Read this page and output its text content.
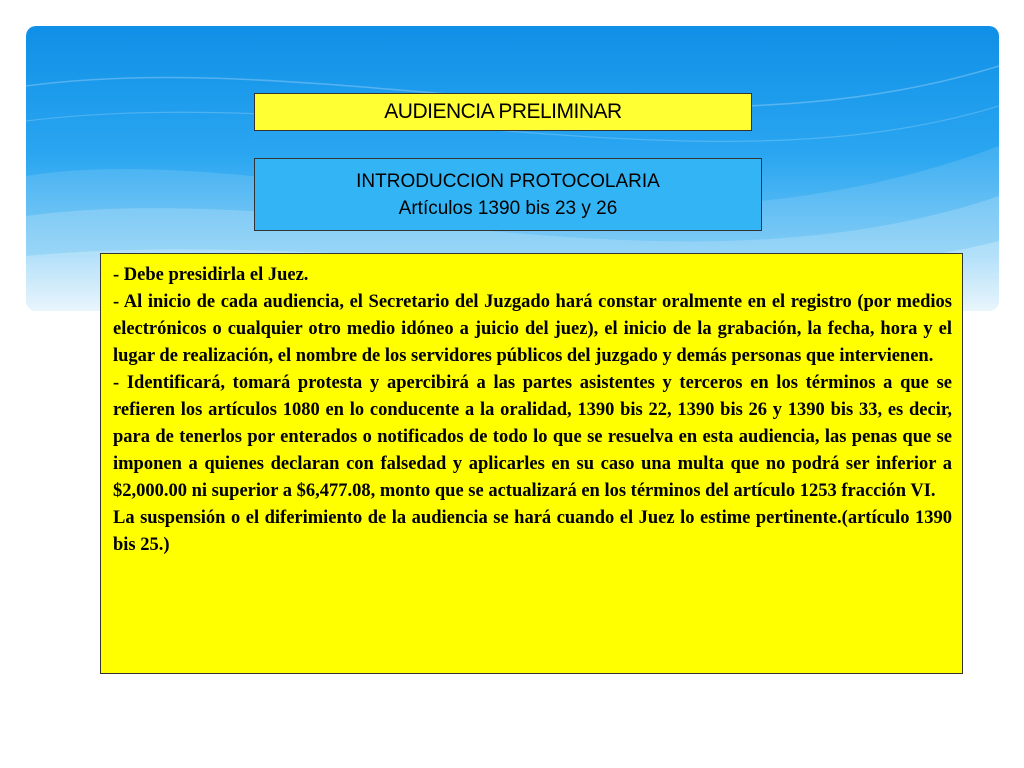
AUDIENCIA PRELIMINAR
INTRODUCCION PROTOCOLARIA
Artículos 1390 bis 23 y 26

- Debe presidirla el Juez.

- Al inicio de cada audiencia, el Secretario del Juzgado hará constar oralmente en el registro (por medios electrónicos o cualquier otro medio idóneo a juicio del juez), el inicio de la grabación, la fecha, hora y el lugar de realización, el nombre de los servidores públicos del juzgado y demás personas que intervienen.

- Identificará, tomará protesta y apercibirá a las partes asistentes y terceros en los términos a que se refieren los artículos 1080 en lo conducente a la oralidad, 1390 bis 22, 1390 bis 26 y 1390 bis 33, es decir, para de tenerlos por enterados o notificados de todo lo que se resuelva en esta audiencia, las penas que se imponen a quienes declaran con falsedad y aplicarles en su caso una multa que no podrá ser inferior a $2,000.00 ni superior a $6,477.08, monto que se actualizará en los términos del artículo 1253 fracción VI.

La suspensión o el diferimiento de la audiencia se hará cuando el Juez lo estime pertinente.(artículo 1390 bis 25.)
